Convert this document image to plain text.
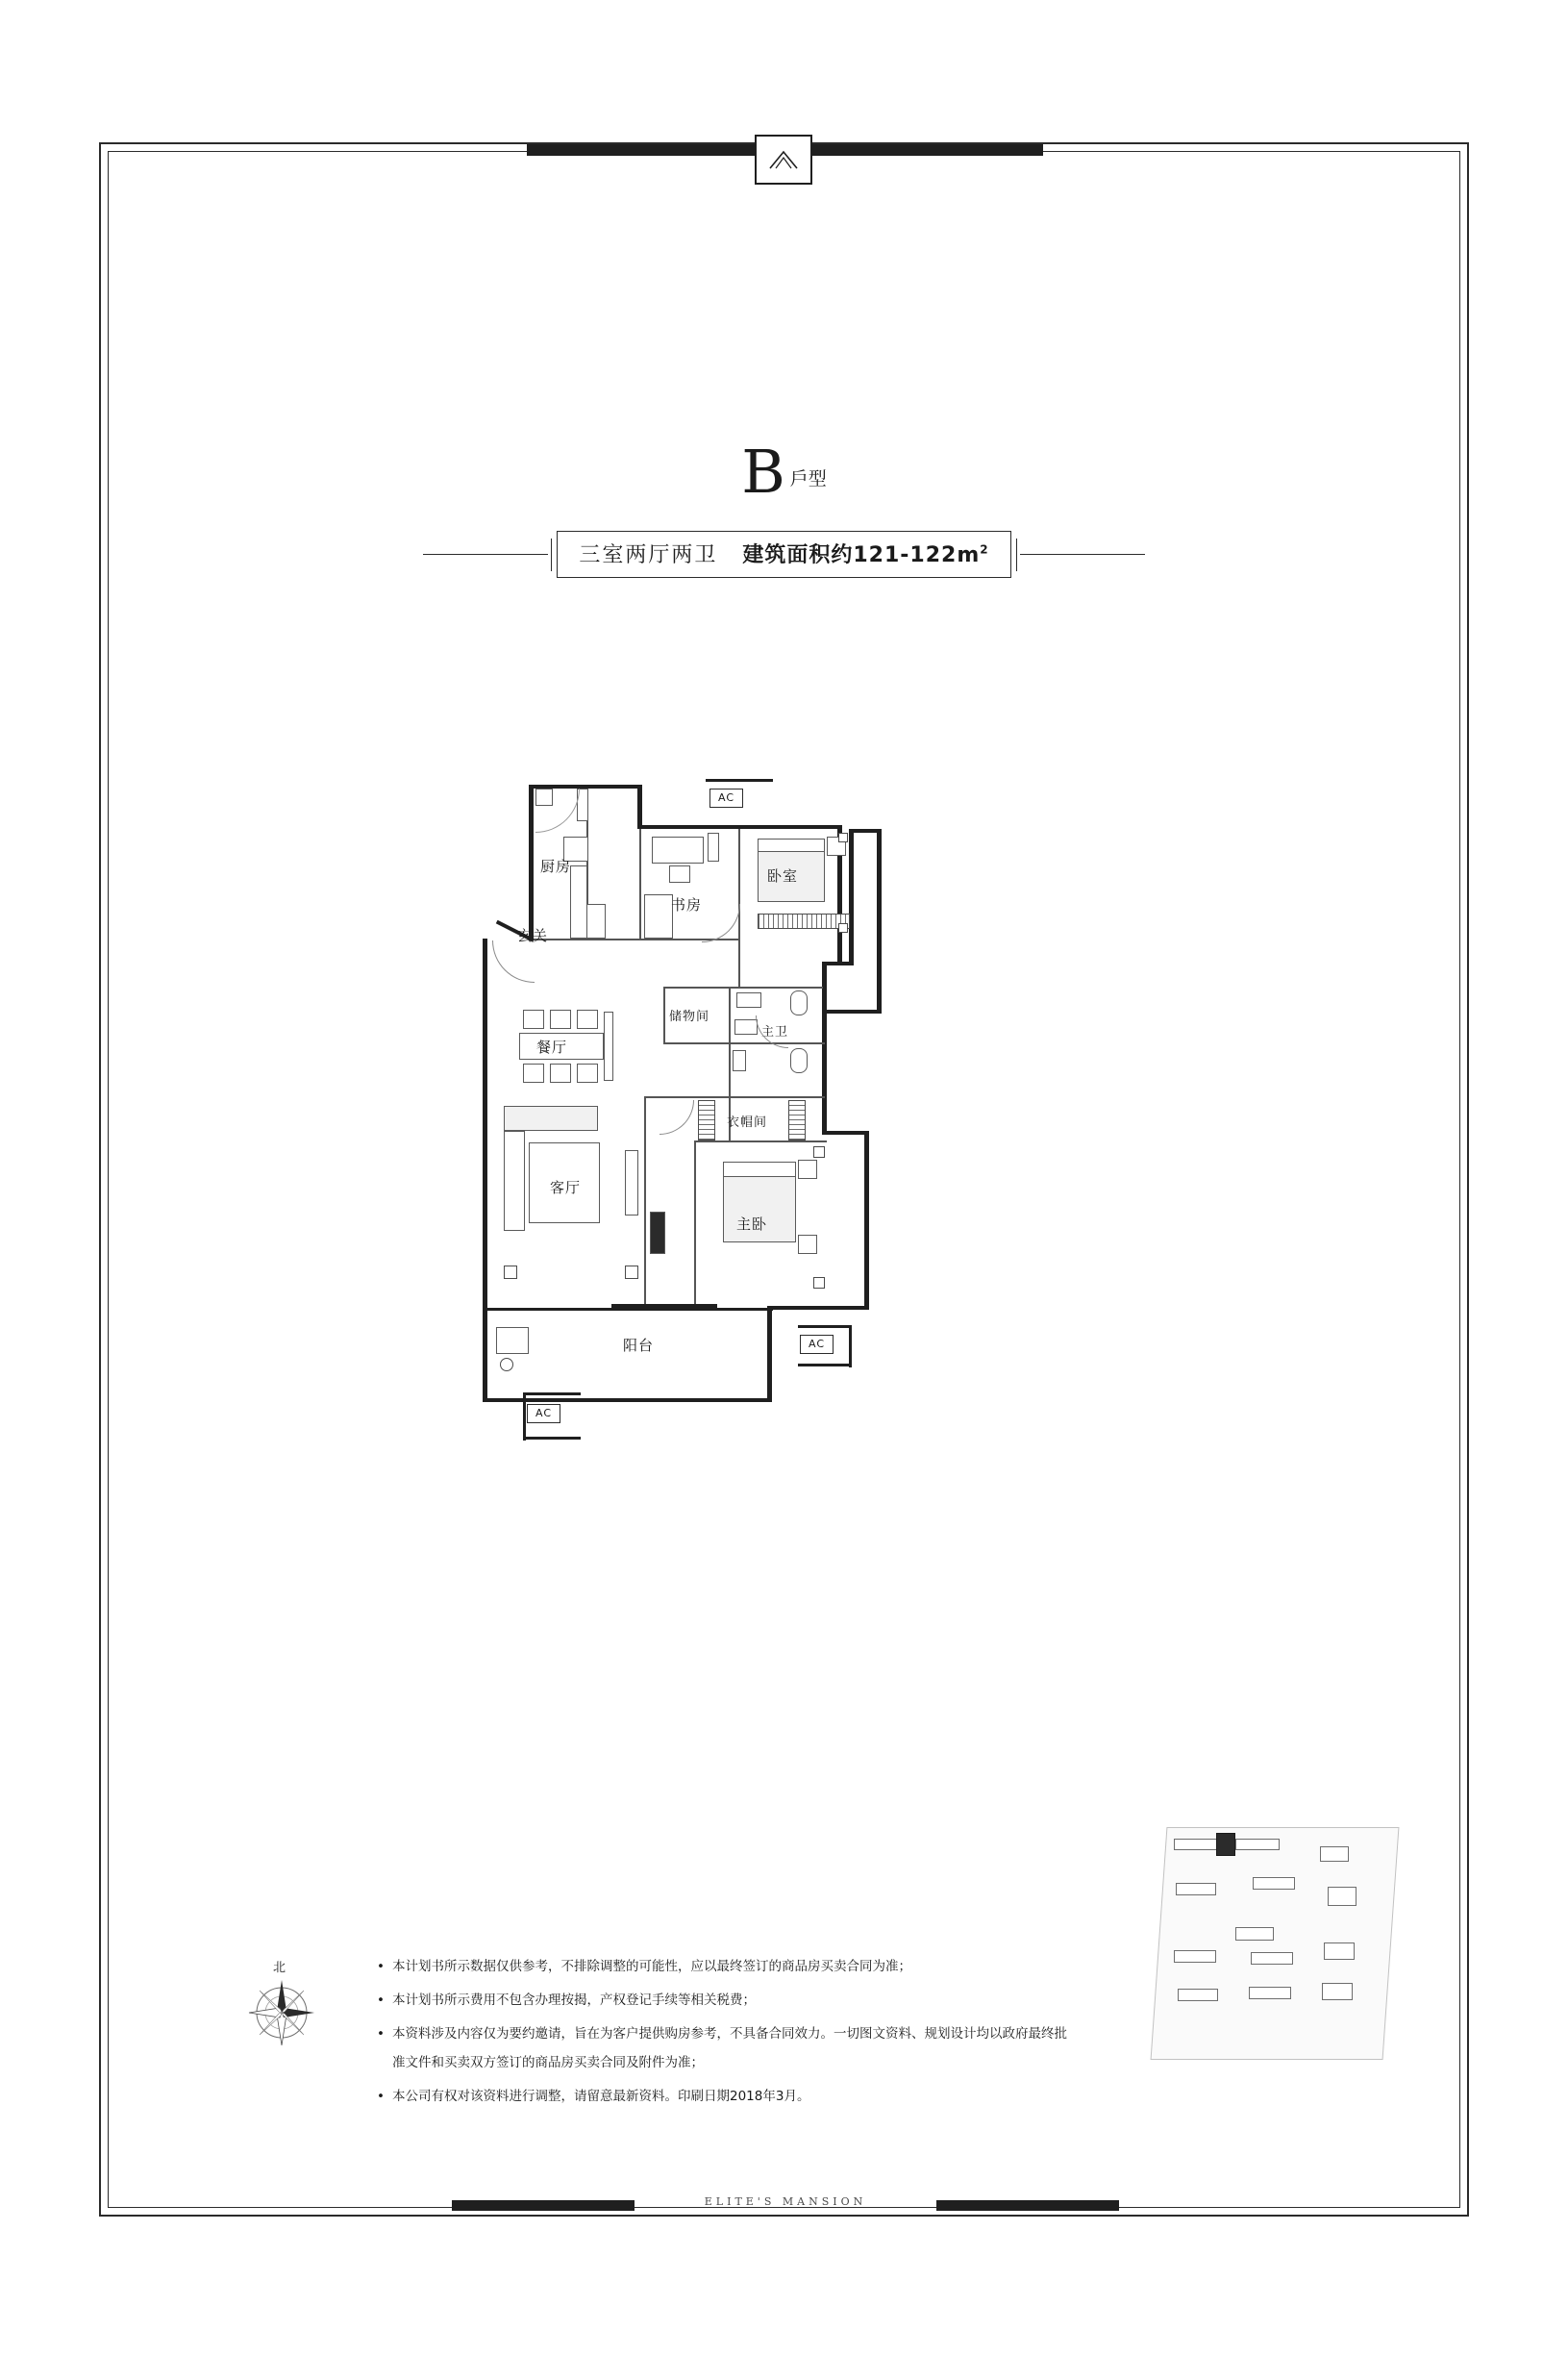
ELITE'S MANSION
B戶型
三室两厅两卫 建筑面积约$121-122m^2$
厨房
玄关
书房
卧室
储物间
主卫
餐厅
衣帽间
客厅
主卧
阳台
AC
AC
AC
北	• 本计划书所示数据仅供参考，不排除调整的可能性，应以最终签订的商品房买卖合同为准；
• 本计划书所示费用不包含办理按揭，产权登记手续等相关税费；
• 本资料涉及内容仅为要约邀请，旨在为客户提供购房参考，不具备合同效力。一切图文资料、规划设计均以政府最终批准文件和买卖双方签订的商品房买卖合同及附件为准；
• 本公司有权对该资料进行调整，请留意最新资料。印刷日期2018年3月。
